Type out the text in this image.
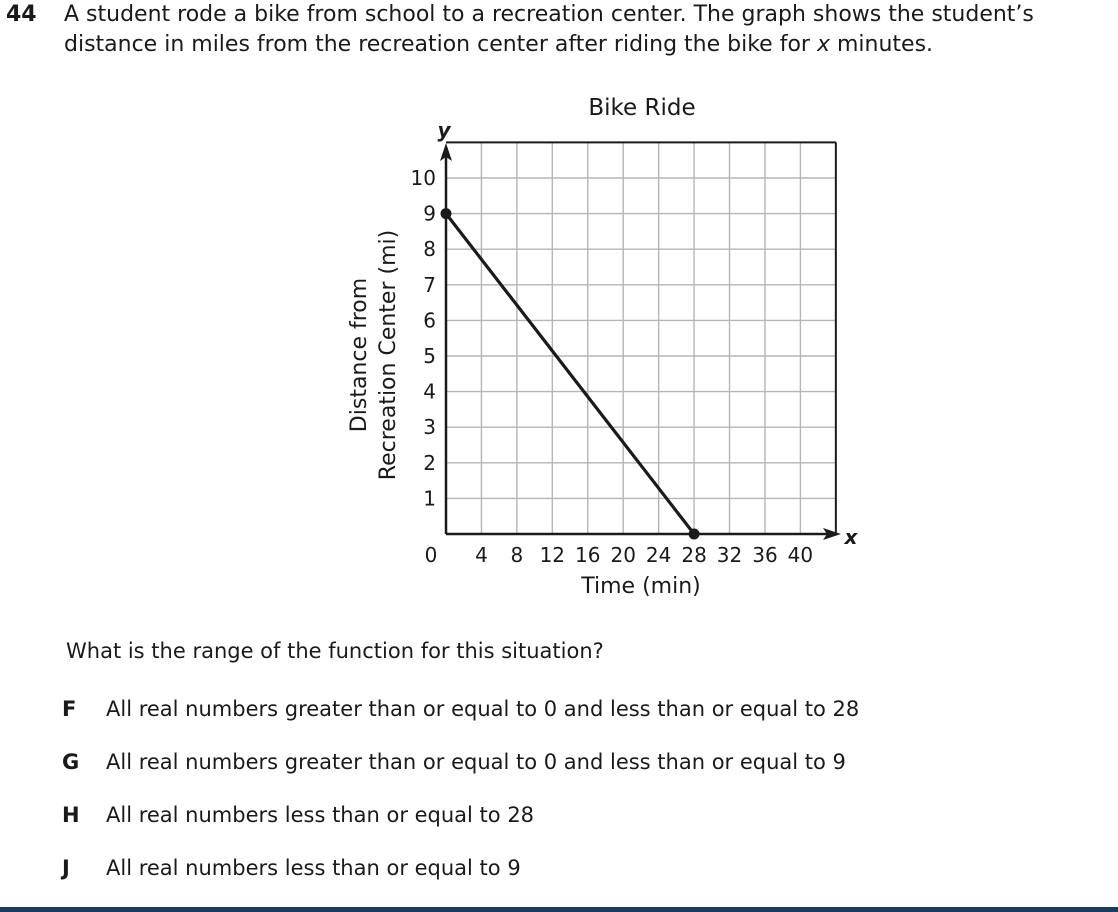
44 A student rode a bike from school to a recreation center. The graph shows the student’s
distance in miles from the recreation center after riding the bike for x minutes.
Bike Ride
4 8 12 16 20 24 28 32 36 40
1
2
3
4
5
6
7
8
9
10
y
x
0
Time (min)
Distance from Recreation Center (mi)
What is the range of the function for this situation?
F All real numbers greater than or equal to 0 and less than or equal to 28
G All real numbers greater than or equal to 0 and less than or equal to 9
H All real numbers less than or equal to 28
J All real numbers less than or equal to 9
